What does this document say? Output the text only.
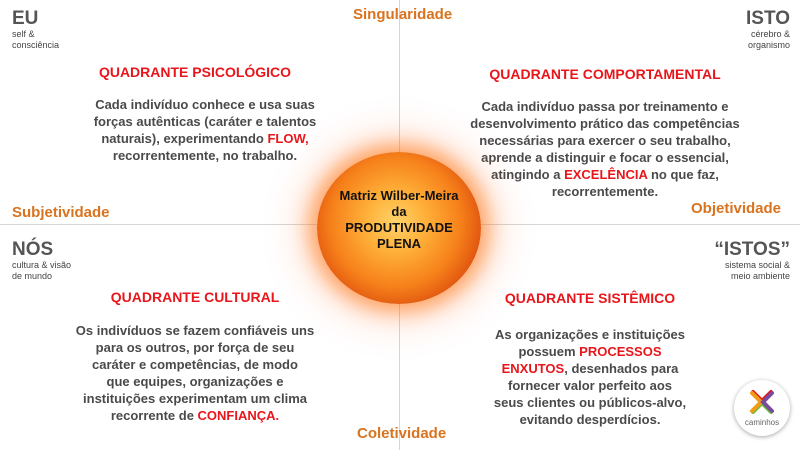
Singularidade
Coletividade
Subjetividade	Objetividade
EU
self &
consciência
ISTO
cérebro &
organismo
NÓS
cultura & visão
de mundo
“ISTOS”
sistema social &
meio ambiente
QUADRANTE PSICOLÓGICO
Cada indivíduo conhece e usa suas
forças autênticas (caráter e talentos
naturais), experimentando FLOW,
recorrentemente, no trabalho.
QUADRANTE COMPORTAMENTAL
Cada indivíduo passa por treinamento e
desenvolvimento prático das competências
necessárias para exercer o seu trabalho,
aprende a distinguir e focar o essencial,
atingindo a EXCELÊNCIA no que faz,
recorrentemente.
QUADRANTE CULTURAL
Os indivíduos se fazem confiáveis uns
para os outros, por força de seu
caráter e competências, de modo
que equipes, organizações e
instituições experimentam um clima
recorrente de CONFIANÇA.
QUADRANTE SISTÊMICO
As organizações e instituições
possuem PROCESSOS
ENXUTOS, desenhados para
fornecer valor perfeito aos
seus clientes ou públicos-alvo,
evitando desperdícios.
Matriz Wilber-Meira
da
PRODUTIVIDADE
PLENA
caminhos
